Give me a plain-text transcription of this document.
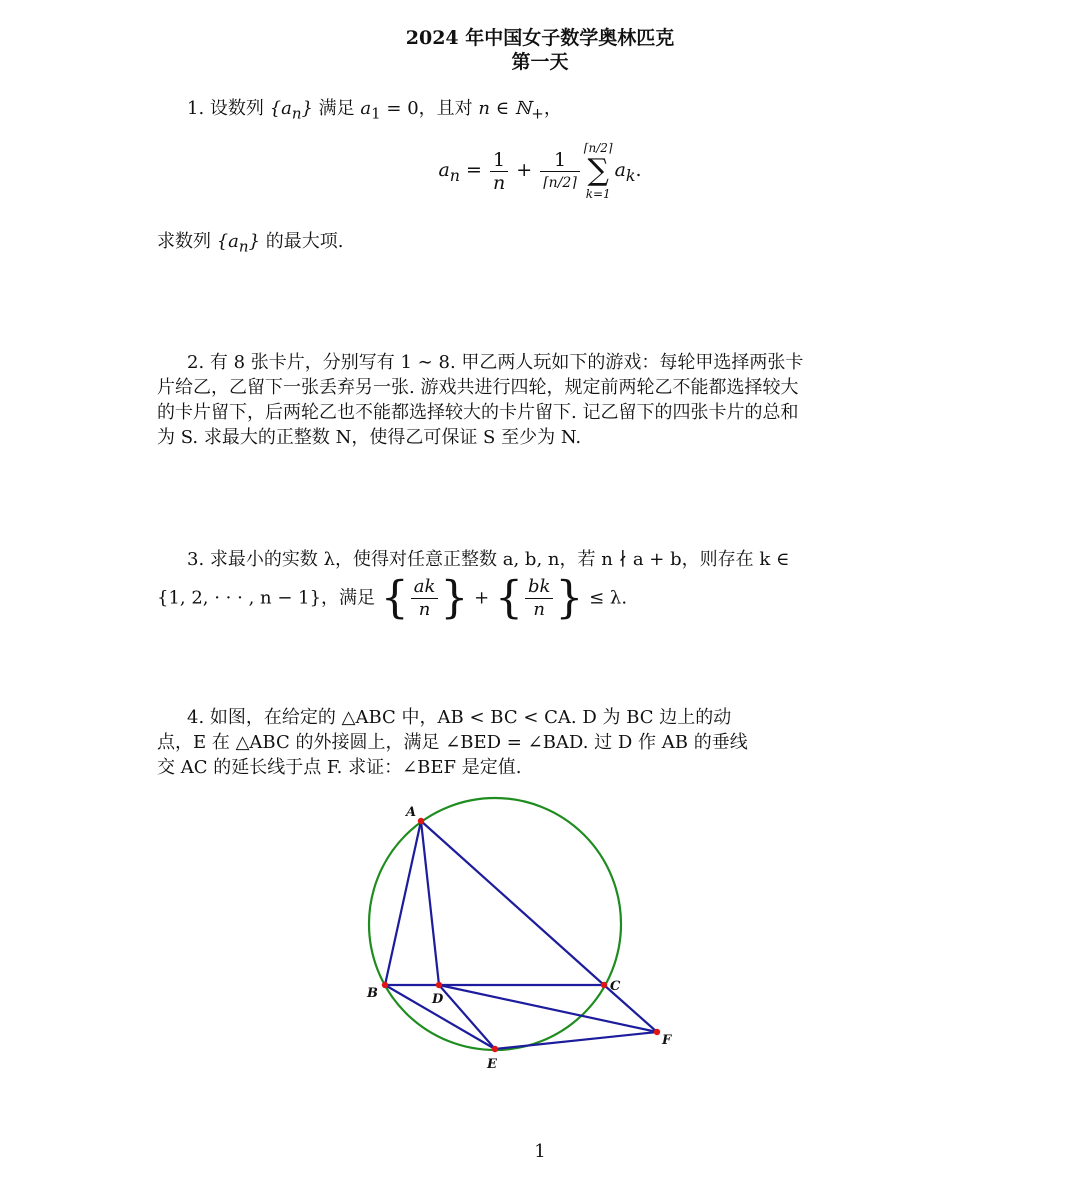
2024 年中国女子数学奥林匹克
第一天
1. 设数列 $\{a_n\}$ 满足 $a_1 = 0$，且对 n ∈ ℕ$_+$，
$a_n = \frac{1}{n} + \frac{1}{⌈n/2⌉}$
⌈n/2⌉
∑
k=1
$a_k$.
求数列 $\{a_n\}$ 的最大项.
2. 有 8 张卡片，分别写有 1 ∼ 8. 甲乙两人玩如下的游戏：每轮甲选择两张卡
片给乙，乙留下一张丢弃另一张. 游戏共进行四轮，规定前两轮乙不能都选择较大
的卡片留下，后两轮乙也不能都选择较大的卡片留下. 记乙留下的四张卡片的总和
为 S. 求最大的正整数 N，使得乙可保证 S 至少为 N.
3. 求最小的实数 λ，使得对任意正整数 a, b, n，若 n ∤ a + b，则存在 k ∈
{1, 2, · · · , n − 1}，满足 { $\frac{ak}{n}$ } + { $\frac{bk}{n}$ } ≤ λ.
4. 如图，在给定的 △ABC 中，AB < BC < CA. D 为 BC 边上的动
点，E 在 △ABC 的外接圆上，满足 ∠BED = ∠BAD. 过 D 作 AB 的垂线
交 AC 的延长线于点 F. 求证：∠BEF 是定值.
A
B	C
D
E
F
1
